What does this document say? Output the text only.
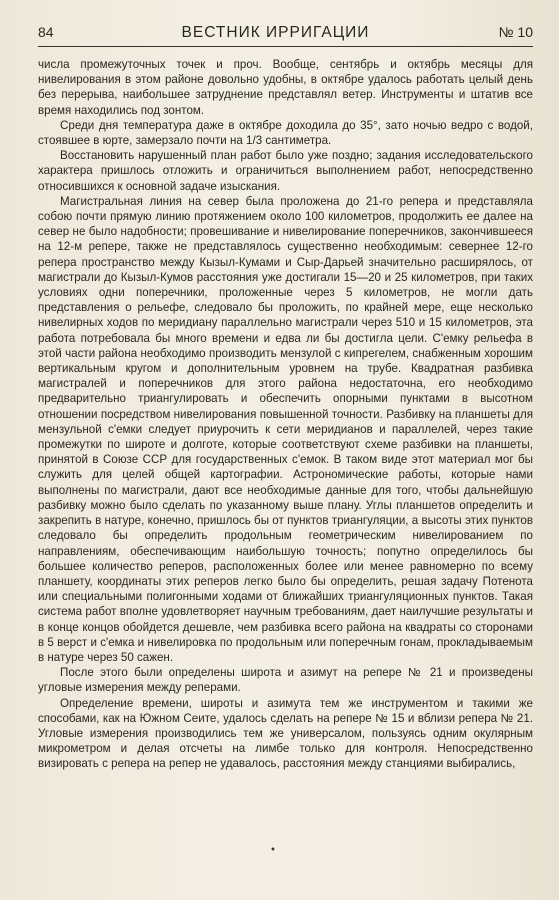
84	ВЕСТНИК ИРРИГАЦИИ	№ 10

числа промежуточных точек и проч. Вообще, сентябрь и октябрь месяцы для нивелирования в этом районе довольно удобны, в октябре удалось работать целый день без перерыва, наибольшее затруднение представлял ветер. Инструменты и штатив все время находились под зонтом.

Среди дня температура даже в октябре доходила до 35°, зато ночью ведро с водой, стоявшее в юрте, замерзало почти на 1/3 сантиметра.

Восстановить нарушенный план работ было уже поздно; задания исследовательского характера пришлось отложить и ограничиться выполнением работ, непосредственно относившихся к основной задаче изыскания.

Магистральная линия на север была проложена до 21-го репера и представляла собою почти прямую линию протяжением около 100 километров, продолжить ее далее на север не было надобности; провешивание и нивелирование поперечников, закончившееся на 12-м репере, также не представлялось существенно необходимым: севернее 12-го репера пространство между Кызыл-Кумами и Сыр-Дарьей значительно расширялось, от магистрали до Кызыл-Кумов расстояния уже достигали 15—20 и 25 километров, при таких условиях одни поперечники, проложенные через 5 километров, не могли дать представления о рельефе, следовало бы проложить, по крайней мере, еще несколько нивелирных ходов по меридиану параллельно магистрали через 510 и 15 километров, эта работа потребовала бы много времени и едва ли бы достигла цели. С'емку рельефа в этой части района необходимо производить мензулой с кипрегелем, снабженным хорошим вертикальным кругом и дополнительным уровнем на трубе. Квадратная разбивка магистралей и поперечников для этого района недостаточна, его необходимо предварительно триангулировать и обеспечить опорными пунктами в высотном отношении посредством нивелирования повышенной точности. Разбивку на планшеты для мензульной с'емки следует приурочить к сети меридианов и параллелей, через такие промежутки по широте и долготе, которые соответствуют схеме разбивки на планшеты, принятой в Союзе ССР для государственных с'емок. В таком виде этот материал мог бы служить для целей общей картографии. Астрономические работы, которые нами выполнены по магистрали, дают все необходимые данные для того, чтобы дальнейшую разбивку можно было сделать по указанному выше плану. Углы планшетов определить и закрепить в натуре, конечно, пришлось бы от пунктов триангуляции, а высоты этих пунктов следовало бы определить продольным геометрическим нивелированием по направлениям, обеспечивающим наибольшую точность; попутно определилось бы большее количество реперов, расположенных более или менее равномерно по всему планшету, координаты этих реперов легко было бы определить, решая задачу Потенота или специальными полигонными ходами от ближайших триангуляционных пунктов. Такая система работ вполне удовлетворяет научным требованиям, дает наилучшие результаты и в конце концов обойдется дешевле, чем разбивка всего района на квадраты со сторонами в 5 верст и с'емка и нивелировка по продольным или поперечным гонам, прокладываемым в натуре через 50 сажен.

После этого были определены широта и азимут на репере № 21 и произведены угловые измерения между реперами.

Определение времени, широты и азимута тем же инструментом и такими же способами, как на Южном Сеите, удалось сделать на репере № 15 и вблизи репера № 21. Угловые измерения производились тем же универсалом, пользуясь одним окулярным микрометром и делая отсчеты на лимбе только для контроля. Непосредственно визировать с репера на репер не удавалось, расстояния между станциями выбирались,

•
